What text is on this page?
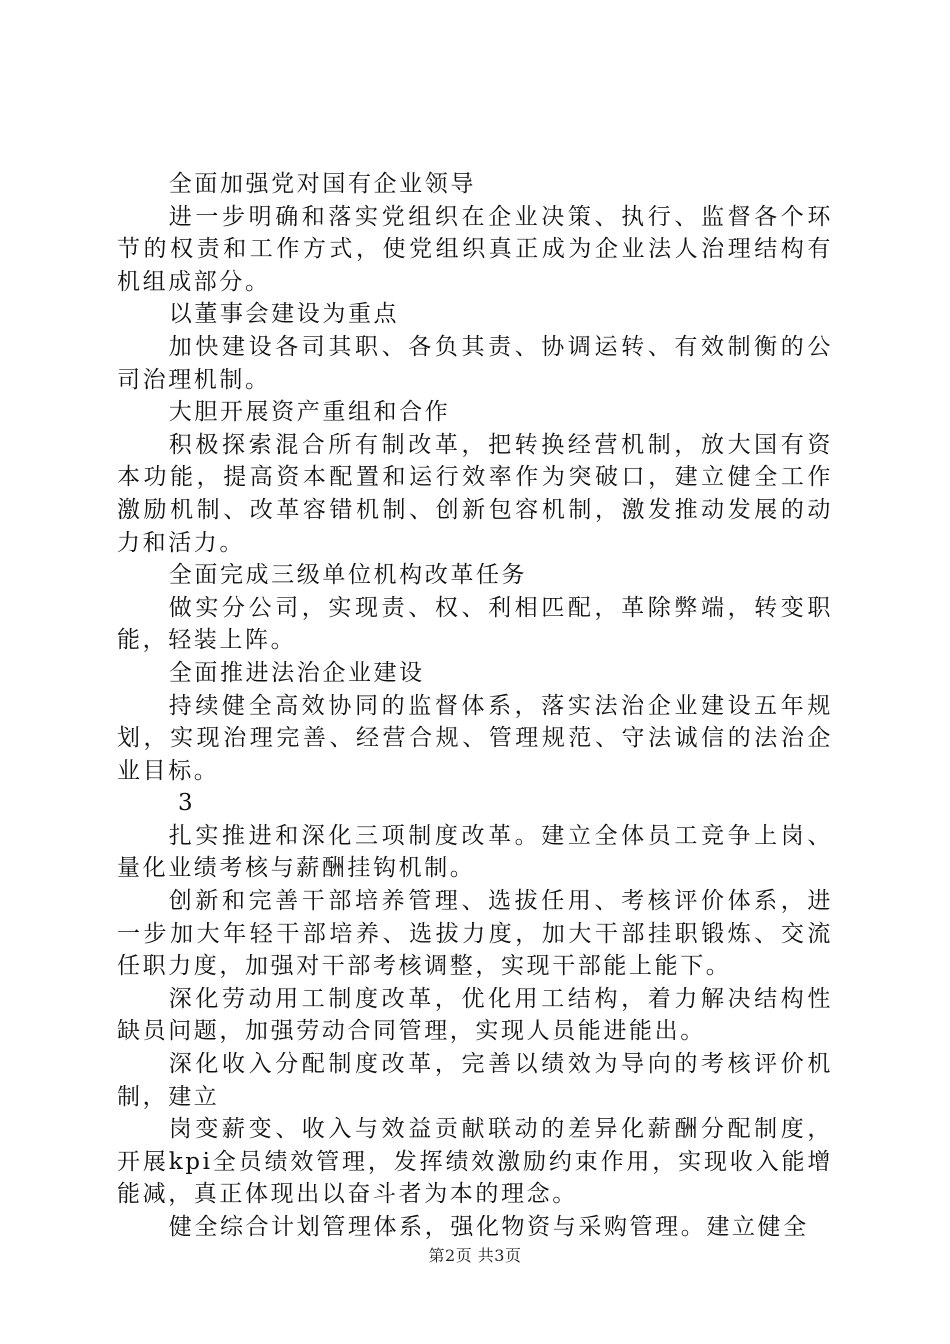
全面加强党对国有企业领导

进一步明确和落实党组织在企业决策、执行、监督各个环节的权责和工作方式，使党组织真正成为企业法人治理结构有机组成部分。

以董事会建设为重点

加快建设各司其职、各负其责、协调运转、有效制衡的公司治理机制。

大胆开展资产重组和合作

积极探索混合所有制改革，把转换经营机制，放大国有资本功能，提高资本配置和运行效率作为突破口，建立健全工作激励机制、改革容错机制、创新包容机制，激发推动发展的动力和活力。

全面完成三级单位机构改革任务

做实分公司，实现责、权、利相匹配，革除弊端，转变职能，轻装上阵。

全面推进法治企业建设

持续健全高效协同的监督体系，落实法治企业建设五年规划，实现治理完善、经营合规、管理规范、守法诚信的法治企业目标。

3

扎实推进和深化三项制度改革。建立全体员工竞争上岗、量化业绩考核与薪酬挂钩机制。

创新和完善干部培养管理、选拔任用、考核评价体系，进一步加大年轻干部培养、选拔力度，加大干部挂职锻炼、交流任职力度，加强对干部考核调整，实现干部能上能下。

深化劳动用工制度改革，优化用工结构，着力解决结构性缺员问题，加强劳动合同管理，实现人员能进能出。

深化收入分配制度改革，完善以绩效为导向的考核评价机制，建立

岗变薪变、收入与效益贡献联动的差异化薪酬分配制度，开展kpi全员绩效管理，发挥绩效激励约束作用，实现收入能增能减，真正体现出以奋斗者为本的理念。

健全综合计划管理体系，强化物资与采购管理。建立健全

第2页 共3页
